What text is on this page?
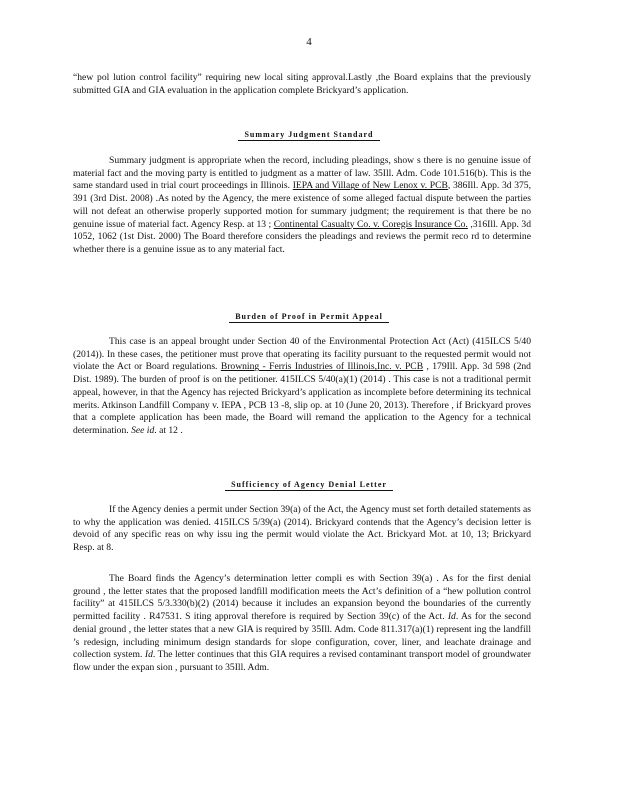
4

“hew pol lution control facility” requiring new local siting approval.Lastly ,the Board explains that the previously submitted GIA and GIA evaluation in the application complete Brickyard’s application.

Summary Judgment Standard

Summary judgment is appropriate when the record, including pleadings, show s there is no genuine issue of material fact and the moving party is entitled to judgment as a matter of law. 35Ill. Adm. Code 101.516(b). This is the same standard used in trial court proceedings in Illinois. IEPA and Village of New Lenox v. PCB, 386Ill. App. 3d 375, 391 (3rd Dist. 2008) .As noted by the Agency, the mere existence of some alleged factual dispute between the parties will not defeat an otherwise properly supported motion for summary judgment; the requirement is that there be no genuine issue of material fact. Agency Resp. at 13 ; Continental Casualty Co. v. Coregis Insurance Co. ,316Ill. App. 3d 1052, 1062 (1st Dist. 2000) The Board therefore considers the pleadings and reviews the permit reco rd to determine whether there is a genuine issue as to any material fact.

Burden of Proof in Permit Appeal

This case is an appeal brought under Section 40 of the Environmental Protection Act (Act) (415ILCS 5/40 (2014)). In these cases, the petitioner must prove that operating its facility pursuant to the requested permit would not violate the Act or Board regulations. Browning - Ferris Industries of Illinois,Inc. v. PCB , 179Ill. App. 3d 598 (2nd Dist. 1989). The burden of proof is on the petitioner. 415ILCS 5/40(a)(1) (2014) . This case is not a traditional permit appeal, however, in that the Agency has rejected Brickyard’s application as incomplete before determining its technical merits. Atkinson Landfill Company v. IEPA , PCB 13 -8, slip op. at 10 (June 20, 2013). Therefore , if Brickyard proves that a complete application has been made, the Board will remand the application to the Agency for a technical determination. See id. at 12 .

Sufficiency of Agency Denial Letter

If the Agency denies a permit under Section 39(a) of the Act, the Agency must set forth detailed statements as to why the application was denied. 415ILCS 5/39(a) (2014). Brickyard contends that the Agency’s decision letter is devoid of any specific reas on why issu ing the permit would violate the Act. Brickyard Mot. at 10, 13; Brickyard Resp. at 8.

The Board finds the Agency’s determination letter compli es with Section 39(a) . As for the first denial ground , the letter states that the proposed landfill modification meets the Act’s definition of a “hew pollution control facility” at 415ILCS 5/3.330(b)(2) (2014) because it includes an expansion beyond the boundaries of the currently permitted facility . R47531. S iting approval therefore is required by Section 39(c) of the Act. Id. As for the second denial ground , the letter states that a new GIA is required by 35Ill. Adm. Code 811.317(a)(1) represent ing the landfill ’s redesign, including minimum design standards for slope configuration, cover, liner, and leachate drainage and collection system. Id. The letter continues that this GIA requires a revised contaminant transport model of groundwater flow under the expan sion , pursuant to 35Ill. Adm.
